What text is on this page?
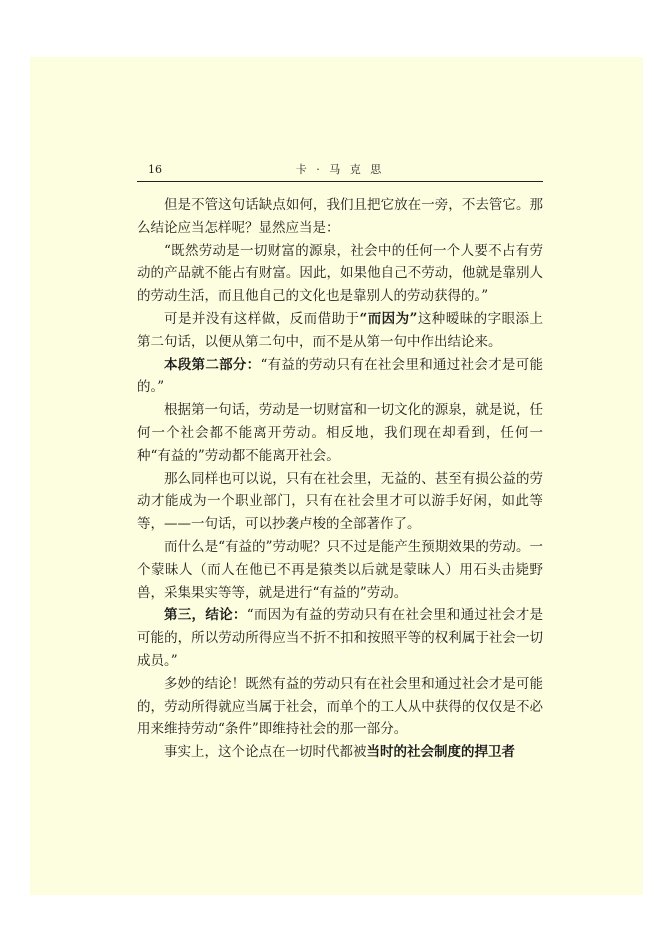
16	卡 · 马 克 思

但是不管这句话缺点如何，我们且把它放在一旁，不去管它。那么结论应当怎样呢？显然应当是：

“既然劳动是一切财富的源泉，社会中的任何一个人要不占有劳动的产品就不能占有财富。因此，如果他自己不劳动，他就是靠别人的劳动生活，而且他自己的文化也是靠别人的劳动获得的。”

可是并没有这样做，反而借助于“而因为”这种暧昧的字眼添上第二句话，以便从第二句中，而不是从第一句中作出结论来。

本段第二部分：“有益的劳动只有在社会里和通过社会才是可能的。”

根据第一句话，劳动是一切财富和一切文化的源泉，就是说，任何一个社会都不能离开劳动。相反地，我们现在却看到，任何一种“有益的”劳动都不能离开社会。

那么同样也可以说，只有在社会里，无益的、甚至有损公益的劳动才能成为一个职业部门，只有在社会里才可以游手好闲，如此等等，——一句话，可以抄袭卢梭的全部著作了。

而什么是“有益的”劳动呢？只不过是能产生预期效果的劳动。一个蒙昧人（而人在他已不再是猿类以后就是蒙昧人）用石头击毙野兽，采集果实等等，就是进行“有益的”劳动。

第三，结论：“而因为有益的劳动只有在社会里和通过社会才是可能的，所以劳动所得应当不折不扣和按照平等的权利属于社会一切成员。”

多妙的结论！既然有益的劳动只有在社会里和通过社会才是可能的，劳动所得就应当属于社会，而单个的工人从中获得的仅仅是不必用来维持劳动“条件”即维持社会的那一部分。

事实上，这个论点在一切时代都被当时的社会制度的捍卫者
